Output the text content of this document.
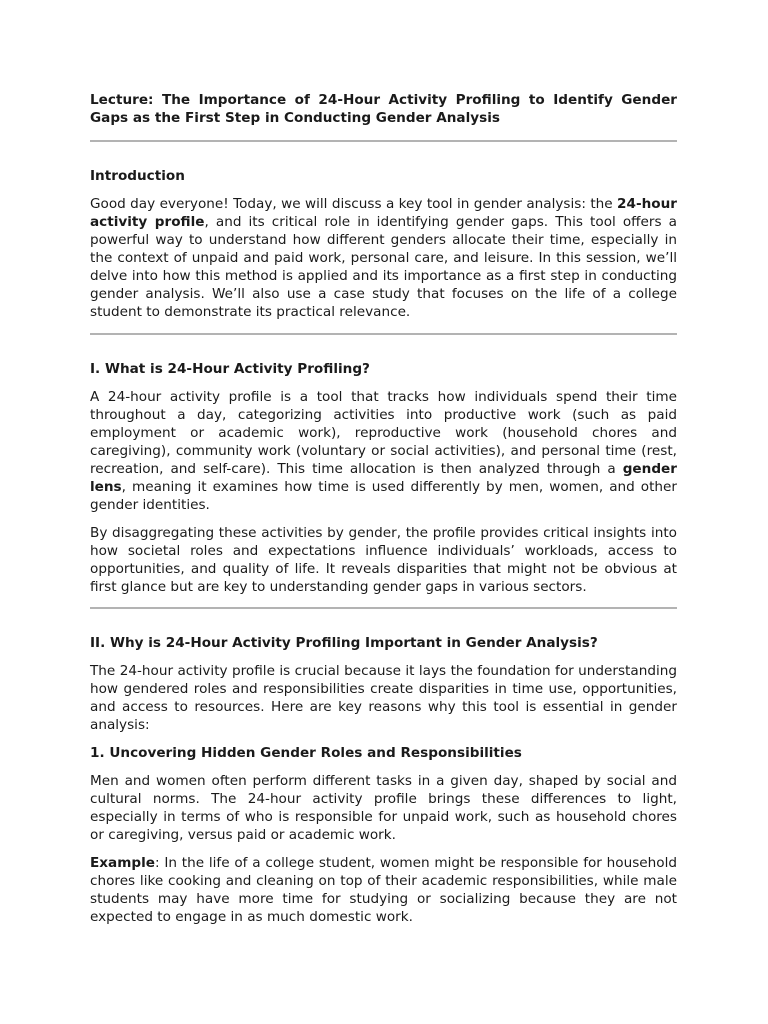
Lecture: The Importance of 24-Hour Activity Profiling to Identify Gender Gaps as the First Step in Conducting Gender Analysis

Introduction

Good day everyone! Today, we will discuss a key tool in gender analysis: the 24-hour activity profile, and its critical role in identifying gender gaps. This tool offers a powerful way to understand how different genders allocate their time, especially in the context of unpaid and paid work, personal care, and leisure. In this session, we’ll delve into how this method is applied and its importance as a first step in conducting gender analysis. We’ll also use a case study that focuses on the life of a college student to demonstrate its practical relevance.

I. What is 24-Hour Activity Profiling?

A 24-hour activity profile is a tool that tracks how individuals spend their time throughout a day, categorizing activities into productive work (such as paid employment or academic work), reproductive work (household chores and caregiving), community work (voluntary or social activities), and personal time (rest, recreation, and self-care). This time allocation is then analyzed through a gender lens, meaning it examines how time is used differently by men, women, and other gender identities.

By disaggregating these activities by gender, the profile provides critical insights into how societal roles and expectations influence individuals’ workloads, access to opportunities, and quality of life. It reveals disparities that might not be obvious at first glance but are key to understanding gender gaps in various sectors.

II. Why is 24-Hour Activity Profiling Important in Gender Analysis?

The 24-hour activity profile is crucial because it lays the foundation for understanding how gendered roles and responsibilities create disparities in time use, opportunities, and access to resources. Here are key reasons why this tool is essential in gender analysis:

1. Uncovering Hidden Gender Roles and Responsibilities

Men and women often perform different tasks in a given day, shaped by social and cultural norms. The 24-hour activity profile brings these differences to light, especially in terms of who is responsible for unpaid work, such as household chores or caregiving, versus paid or academic work.

Example: In the life of a college student, women might be responsible for household chores like cooking and cleaning on top of their academic responsibilities, while male students may have more time for studying or socializing because they are not expected to engage in as much domestic work.
